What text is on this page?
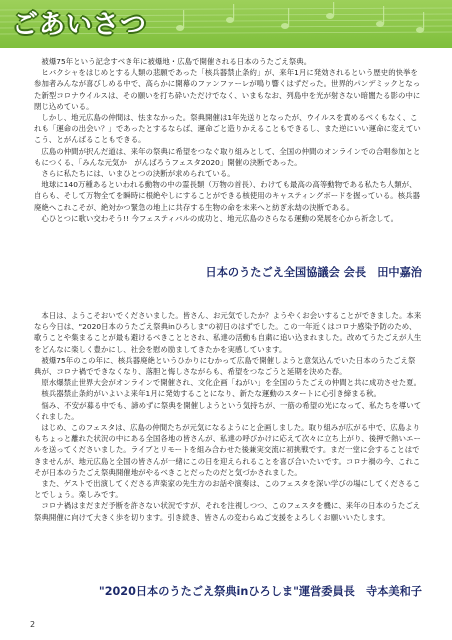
ごあいさつ

被爆75年という記念すべき年に被爆地・広島で開催される日本のうたごえ祭典。

ヒバクシャをはじめとする人類の悲願であった「核兵器禁止条約」が、来年1月に発効されるという歴史的快挙を参加者みんなが喜びしめる中で、高らかに開幕のファンファーレが鳴り響くはずだった。世界的パンデミックとなった新型コロナウイルスは、その願いを打ち砕いただけでなく、いまもなお、列島中を光が射さない暗闇たる影の中に閉じ込めている。

しかし、地元広島の仲間は、怯まなかった。祭典開催は1年先送りとなったが、ウイルスを責めるべくもなく、これも「運命の出会い？」であったとするならば、運命ごと造りかえることもできるし、また逆にいい運命に変えていこう、とがんばることもできる。

広島の仲間が択んだ道は、来年の祭典に希望をつなぐ取り組みとして、全国の仲間のオンラインでの合唱参加とともにつくる、「みんな元気か　がんばろうフェスタ2020」開催の決断であった。

さらに私たちには、いまひとつの決断が求められている。

地球に140万種あるといわれる動物の中の霊長類（万物の首長）、わけても最高の高等動物である私たち人類が、自らも、そして万物全てを瞬時に根絶やしにすることができる核使用のキャスティングボードを握っている。核兵器廃絶へこれこそが、絶対かつ緊急の地上に共存する生物の命を未来へと紡ぎ永劫の決断である。

心ひとつに歌い交わそう!! 今フェスティバルの成功と、地元広島のさらなる運動の発展を心から祈念して。

日本のうたごえ全国協議会 会長　田中嘉治

本日は、ようこそおいでくださいました。皆さん、お元気でしたか？ようやくお会いすることができました。本来なら今日は、"2020日本のうたごえ祭典inひろしま"の初日のはずでした。この一年近くはコロナ感染予防のため、歌うことや集まることが最も避けるべきこととされ、私達の活動も自粛に追い込まれました。改めてうたごえが人生をどんなに楽しく豊かにし、社会を慰め励ましてきたかを実感しています。

被爆75年のこの年に、核兵器廃絶というひかりにむかって広島で開催しようと意気込んでいた日本のうたごえ祭典が、コロナ禍でできなくなり、落胆と悔しさながらも、希望をつなごうと延期を決めた春。

原水爆禁止世界大会がオンラインで開催され、文化企画「ねがい」を全国のうたごえの仲間と共に成功させた夏。

核兵器禁止条約がいよいよ来年1月に発効することになり、新たな運動のスタートに心引き締まる秋。

悩み、不安が募る中でも、諦めずに祭典を開催しようという気持ちが、一筋の希望の光になって、私たちを導いてくれました。

はじめ、このフェスタは、広島の仲間たちが元気になるようにと企画しました。取り組みが広がる中で、広島よりもちょっと離れた状況の中にある全国各地の皆さんが、私達の呼びかけに応えて次々に立ち上がり、後押で熱いエールを送ってくださいました。ライブとリモートを組み合わせた後兼実交流に初挑戦です。まだ一堂に会することはできませんが、地元広島と全国の皆さんが一緒にこの日を迎えられることを喜び合いたいです。コロナ禍の今、これこそが日本のうたごえ祭典開催地がやるべきことだったのだと気づかされました。

また、ゲストで出演してくださる声楽家の先生方のお話や演奏は、このフェスタを深い学びの場にしてくださることでしょう。楽しみです。

コロナ禍はまだまだ予断を許さない状況ですが、それを注視しつつ、このフェスタを機に、来年の日本のうたごえ祭典開催に向けて大きく歩を切ります。引き続き、皆さんの変わらぬご支援をよろしくお願いいたします。

"2020日本のうたごえ祭典inひろしま"運営委員長　寺本美和子
2
